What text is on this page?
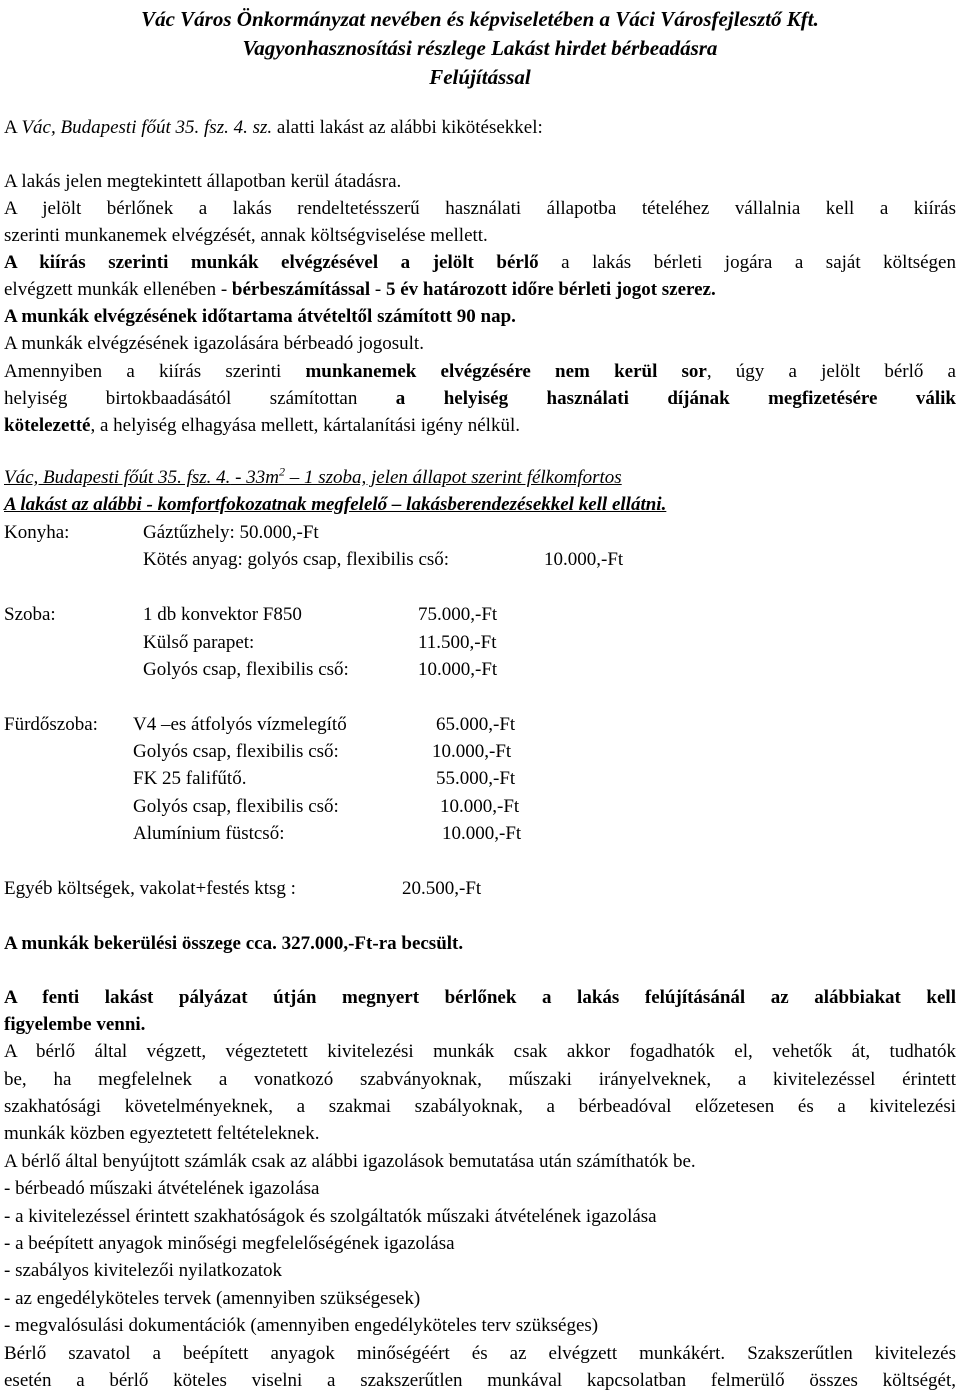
Vác Város Önkormányzat nevében és képviseletében a Váci Városfejlesztő Kft.
Vagyonhasznosítási részlege Lakást hirdet bérbeadásra
Felújítással
A Vác, Budapesti főút 35. fsz. 4. sz. alatti lakást az alábbi kikötésekkel:
A lakás jelen megtekintett állapotban kerül átadásra.
A jelölt bérlőnek a lakás rendeltetésszerű használati állapotba tételéhez vállalnia kell a kiírás
szerinti munkanemek elvégzését, annak költségviselése mellett.
A kiírás szerinti munkák elvégzésével a jelölt bérlő a lakás bérleti jogára a saját költségen
elvégzett munkák ellenében - bérbeszámítással - 5 év határozott időre bérleti jogot szerez.
A munkák elvégzésének időtartama átvételtől számított 90 nap.
A munkák elvégzésének igazolására bérbeadó jogosult.
Amennyiben a kiírás szerinti munkanemek elvégzésére nem kerül sor, úgy a jelölt bérlő a
helyiség birtokbaadásától számítottan a helyiség használati díjának megfizetésére válik
kötelezetté, a helyiség elhagyása mellett, kártalanítási igény nélkül.
Vác, Budapesti főút 35. fsz. 4. - $33m^2 - 1$ szoba, jelen állapot szerint félkomfortos
A lakást az alábbi - komfortfokozatnak megfelelő – lakásberendezésekkel kell ellátni.
Konyha:	Gáztűzhely: 50.000,-Ft
Kötés anyag: golyós csap, flexibilis cső:	10.000,-Ft
Szoba:	1 db konvektor F850	75.000,-Ft
Külső parapet:	11.500,-Ft
Golyós csap, flexibilis cső:	10.000,-Ft
Fürdőszoba: V4 –es átfolyós vízmelegítő	65.000,-Ft
Golyós csap, flexibilis cső:	10.000,-Ft
FK 25 falifűtő.	55.000,-Ft
Golyós csap, flexibilis cső:	10.000,-Ft
Alumínium füstcső:	10.000,-Ft
Egyéb költségek, vakolat+festés ktsg :	20.500,-Ft
A munkák bekerülési összege cca. 327.000,-Ft-ra becsült.
A fenti lakást pályázat útján megnyert bérlőnek a lakás felújításánál az alábbiakat kell
figyelembe venni.
A bérlő által végzett, végeztetett kivitelezési munkák csak akkor fogadhatók el, vehetők át, tudhatók
be, ha megfelelnek a vonatkozó szabványoknak, műszaki irányelveknek, a kivitelezéssel érintett
szakhatósági követelményeknek, a szakmai szabályoknak, a bérbeadóval előzetesen és a kivitelezési
munkák közben egyeztetett feltételeknek.
A bérlő által benyújtott számlák csak az alábbi igazolások bemutatása után számíthatók be.
- bérbeadó műszaki átvételének igazolása
- a kivitelezéssel érintett szakhatóságok és szolgáltatók műszaki átvételének igazolása
- a beépített anyagok minőségi megfelelőségének igazolása
- szabályos kivitelezői nyilatkozatok
- az engedélyköteles tervek (amennyiben szükségesek)
- megvalósulási dokumentációk (amennyiben engedélyköteles terv szükséges)
Bérlő szavatol a beépített anyagok minőségéért és az elvégzett munkákért. Szakszerűtlen kivitelezés
esetén a bérlő köteles viselni a szakszerűtlen munkával kapcsolatban felmerülő összes költségét,
